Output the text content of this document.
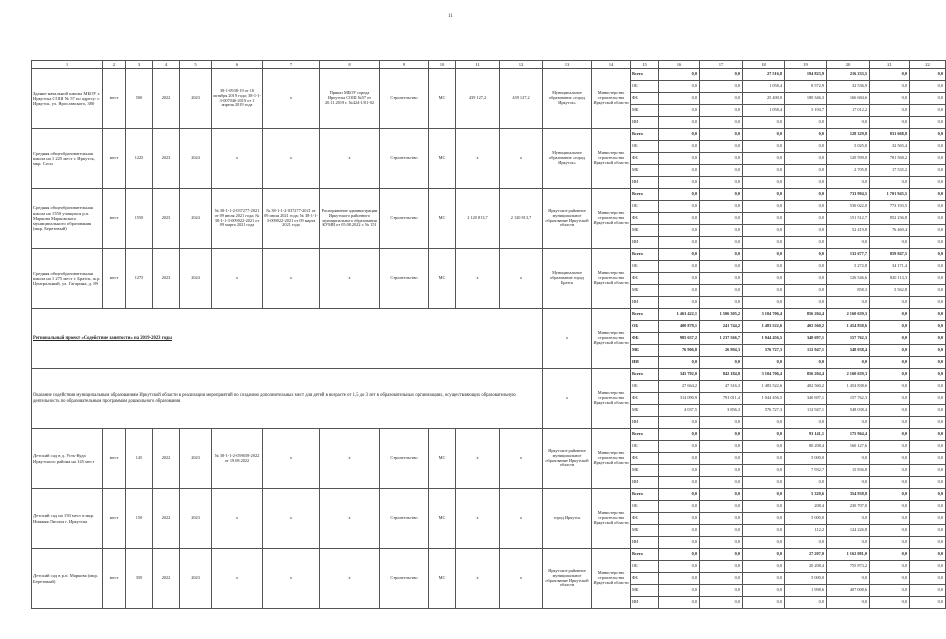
11
1	2	3	4	5	6	7	8	9	10	11	12	13	14	15	16	17	18	19	20	21	22
Здание начальной школы МБОУ г. Иркутска СОШ № 57 по адресу: г. Иркутск, ул. Ярославского, 380	мест	500	2022	2023	38-1-0938-19 от 10 октября 2019 года; 38-1-1-3-007046-2019 от 1 апреля 2019 года	х	Приказ МБОУ города Иркутска СОШ №57 от 20.11.2019 г. №424-1/01-02	Строительство	МС	439 127,2	439 127,2	Муниципальное образование «город Иркутск»	Министерство строительства Иркутской области	Всего	0,0	0,0	27 516,8	194 823,9	216 233,5	0,0	0,0
														ОБ	0,0	0,0	1 058,4	8 572,9	32 536,9	0,0	0,0
														ФБ	0,0	0,0	25 400,0	180 346,3	166 684,6	0,0	0,0
														МБ	0,0	0,0	1 058,4	5 194,7	17 012,2	0,0	0,0
														ИИ	0,0	0,0	0,0	0,0	0,0	0,0	0,0
Средняя общеобразовательная школа на 1 225 мест г. Иркутск, мкр. Сосн	мест	1225	2023	2024	х	х	х	Строительство	МС	х	х	Муниципальное образование «город Иркутск»	Министерство строительства Иркутской области	Всего	0,0	0,0	0,0	0,0	128 329,8	831 668,8	0,0
														ОБ	0,0	0,0	0,0	0,0	5 025,0	32 565,4	0,0
														ФБ	0,0	0,0	0,0	0,0	120 599,0	781 568,2	0,0
														МБ	0,0	0,0	0,0	0,0	2 705,8	17 535,2	0,0
														ИИ	0,0	0,0	0,0	0,0	0,0	0,0	0,0
Средняя общеобразовательная школа на 1550 учащихся р.п. Маркова Марковского муниципального образования (мкр. Березовый)	мест	1550	2023	2024	№ 38-1-1-2-037277-2021 от 09 июля 2021 года; № 38-1-1-3-009022-2021 от 09 марта 2021 года	№ 38-1-1-2-037277-2021 от 09 июля 2021 года; № 38-1-1-3-009022-2021 от 09 марта 2021 года	Распоряжение администрации Иркутского районного муниципального образования КУМИ от 05.08.2022 г. № 151	Строительство	МС	2 120 813,7	2 120 813,7	Иркутское районное муниципальное образование Иркутской области	Министерство строительства Иркутской области	Всего	0,0	0,0	0,0	0,0	733 994,5	1 701 945,5	0,0
														ОБ	0,0	0,0	0,0	0,0	530 022,0	773 193,5	0,0
														ФБ	0,0	0,0	0,0	0,0	151 512,7	852 236,8	0,0
														МБ	0,0	0,0	0,0	0,0	52 419,8	76 469,4	0,0
														ИИ	0,0	0,0	0,0	0,0	0,0	0,0	0,0
Средняя общеобразовательная школа на 1 275 мест г. Братск, ж.р. Центральный, ул. Гагарина, д. 89	мест	1275	2023	2024	х	х	х	Строительство	МС	х	х	Муниципальное образование город Братск	Министерство строительства Иркутской области	Всего	0,0	0,0	0,0	0,0	132 677,7	859 847,5	0,0
														ОБ	0,0	0,0	0,0	0,0	5 272,8	34 171,4	0,0
														ФБ	0,0	0,0	0,0	0,0	126 546,6	820 113,3	0,0
														МБ	0,0	0,0	0,0	0,0	858,3	5 562,8	0,0
														ИИ	0,0	0,0	0,0	0,0	0,0	0,0	0,0
Региональный проект «Содействие занятости» на 2019-2023 годы												х	Министерство строительства Иркутской области	Всего	1 463 422,1	1 506 305,2	3 104 706,4	856 204,4	2 160 639,3	0,0	0,0
														ОБ	400 878,1	241 744,2	1 483 522,6	402 560,2	1 454 838,6	0,0	0,0
														ФБ	985 637,2	1 237 566,7	1 044 456,5	340 697,1	157 762,3	0,0	0,0
														МБ	76 906,8	26 994,3	576 727,3	112 947,1	548 038,4	0,0	0,0
														ИИ	0,0	0,0	0,0	0,0	0,0	0,0	0,0
Оказание содействия муниципальным образованиям Иркутской области в реализации мероприятий по созданию дополнительных мест для детей в возрасте от 1,5 до 3 лет в образовательных организациях, осуществляющих образовательную деятельность по образовательным программам дошкольного образования												х	Министерство строительства Иркутской области	Всего	345 792,0	842 184,8	3 104 706,4	856 204,4	2 160 639,3	0,0	0,0
														ОБ	27 664,2	47 316,3	1 483 522,6	402 560,2	1 454 838,6	0,0	0,0
														ФБ	314 090,9	791 011,4	1 044 456,5	340 697,1	157 762,3	0,0	0,0
														МБ	4 037,5	3 856,3	576 727,3	112 947,1	548 038,4	0,0	0,0
														ИИ	0,0	0,0	0,0	0,0	0,0	0,0	0,0
Детский сад в д. Усть-Куда Иркутского района на 145 мест	мест	145	2022	2023	№ 38-1-1-2-059658-2022 от 19.08.2022	х	х	Строительство	МС	х	х	Иркутское районное муниципальное образование Иркутской области	Министерство строительства Иркутской области	Всего	0,0	0,0	0,0	93 141,1	175 964,4	0,0	0,0
														ОБ	0,0	0,0	0,0	80 208,4	160 127,6	0,0	0,0
														ФБ	0,0	0,0	0,0	5 000,0	0,0	0,0	0,0
														МБ	0,0	0,0	0,0	7 932,7	15 836,8	0,0	0,0
														ИИ	0,0	0,0	0,0	0,0	0,0	0,0	0,0
Детский сад на 150 мест в мкр. Нижняя Лисиха г. Иркутска	мест	150	2022	2023	х	х	х	Строительство	МС	х	х	город Иркутск	Министерство строительства Иркутской области	Всего	0,0	0,0	0,0	5 320,6	354 938,8	0,0	0,0
														ОБ	0,0	0,0	0,0	208,4	230 707,0	0,0	0,0
														ФБ	0,0	0,0	0,0	5 000,0	0,0	0,0	0,0
														МБ	0,0	0,0	0,0	112,2	124 226,8	0,0	0,0
														ИИ	0,0	0,0	0,0	0,0	0,0	0,0	0,0
Детский сад в р.п. Маркова (мкр. Березовый)	мест	350	2022	2023	х	х	х	Строительство	МС	х	х	Иркутское районное муниципальное образование Иркутской области	Министерство строительства Иркутской области	Всего	0,0	0,0	0,0	27 207,0	1 162 081,0	0,0	0,0
														ОБ	0,0	0,0	0,0	20 208,4	755 873,2	0,0	0,0
														ФБ	0,0	0,0	0,0	5 000,0	0,0	0,0	0,0
														МБ	0,0	0,0	0,0	1 998,6	407 008,6	0,0	0,0
														ИИ	0,0	0,0	0,0	0,0	0,0	0,0	0,0
